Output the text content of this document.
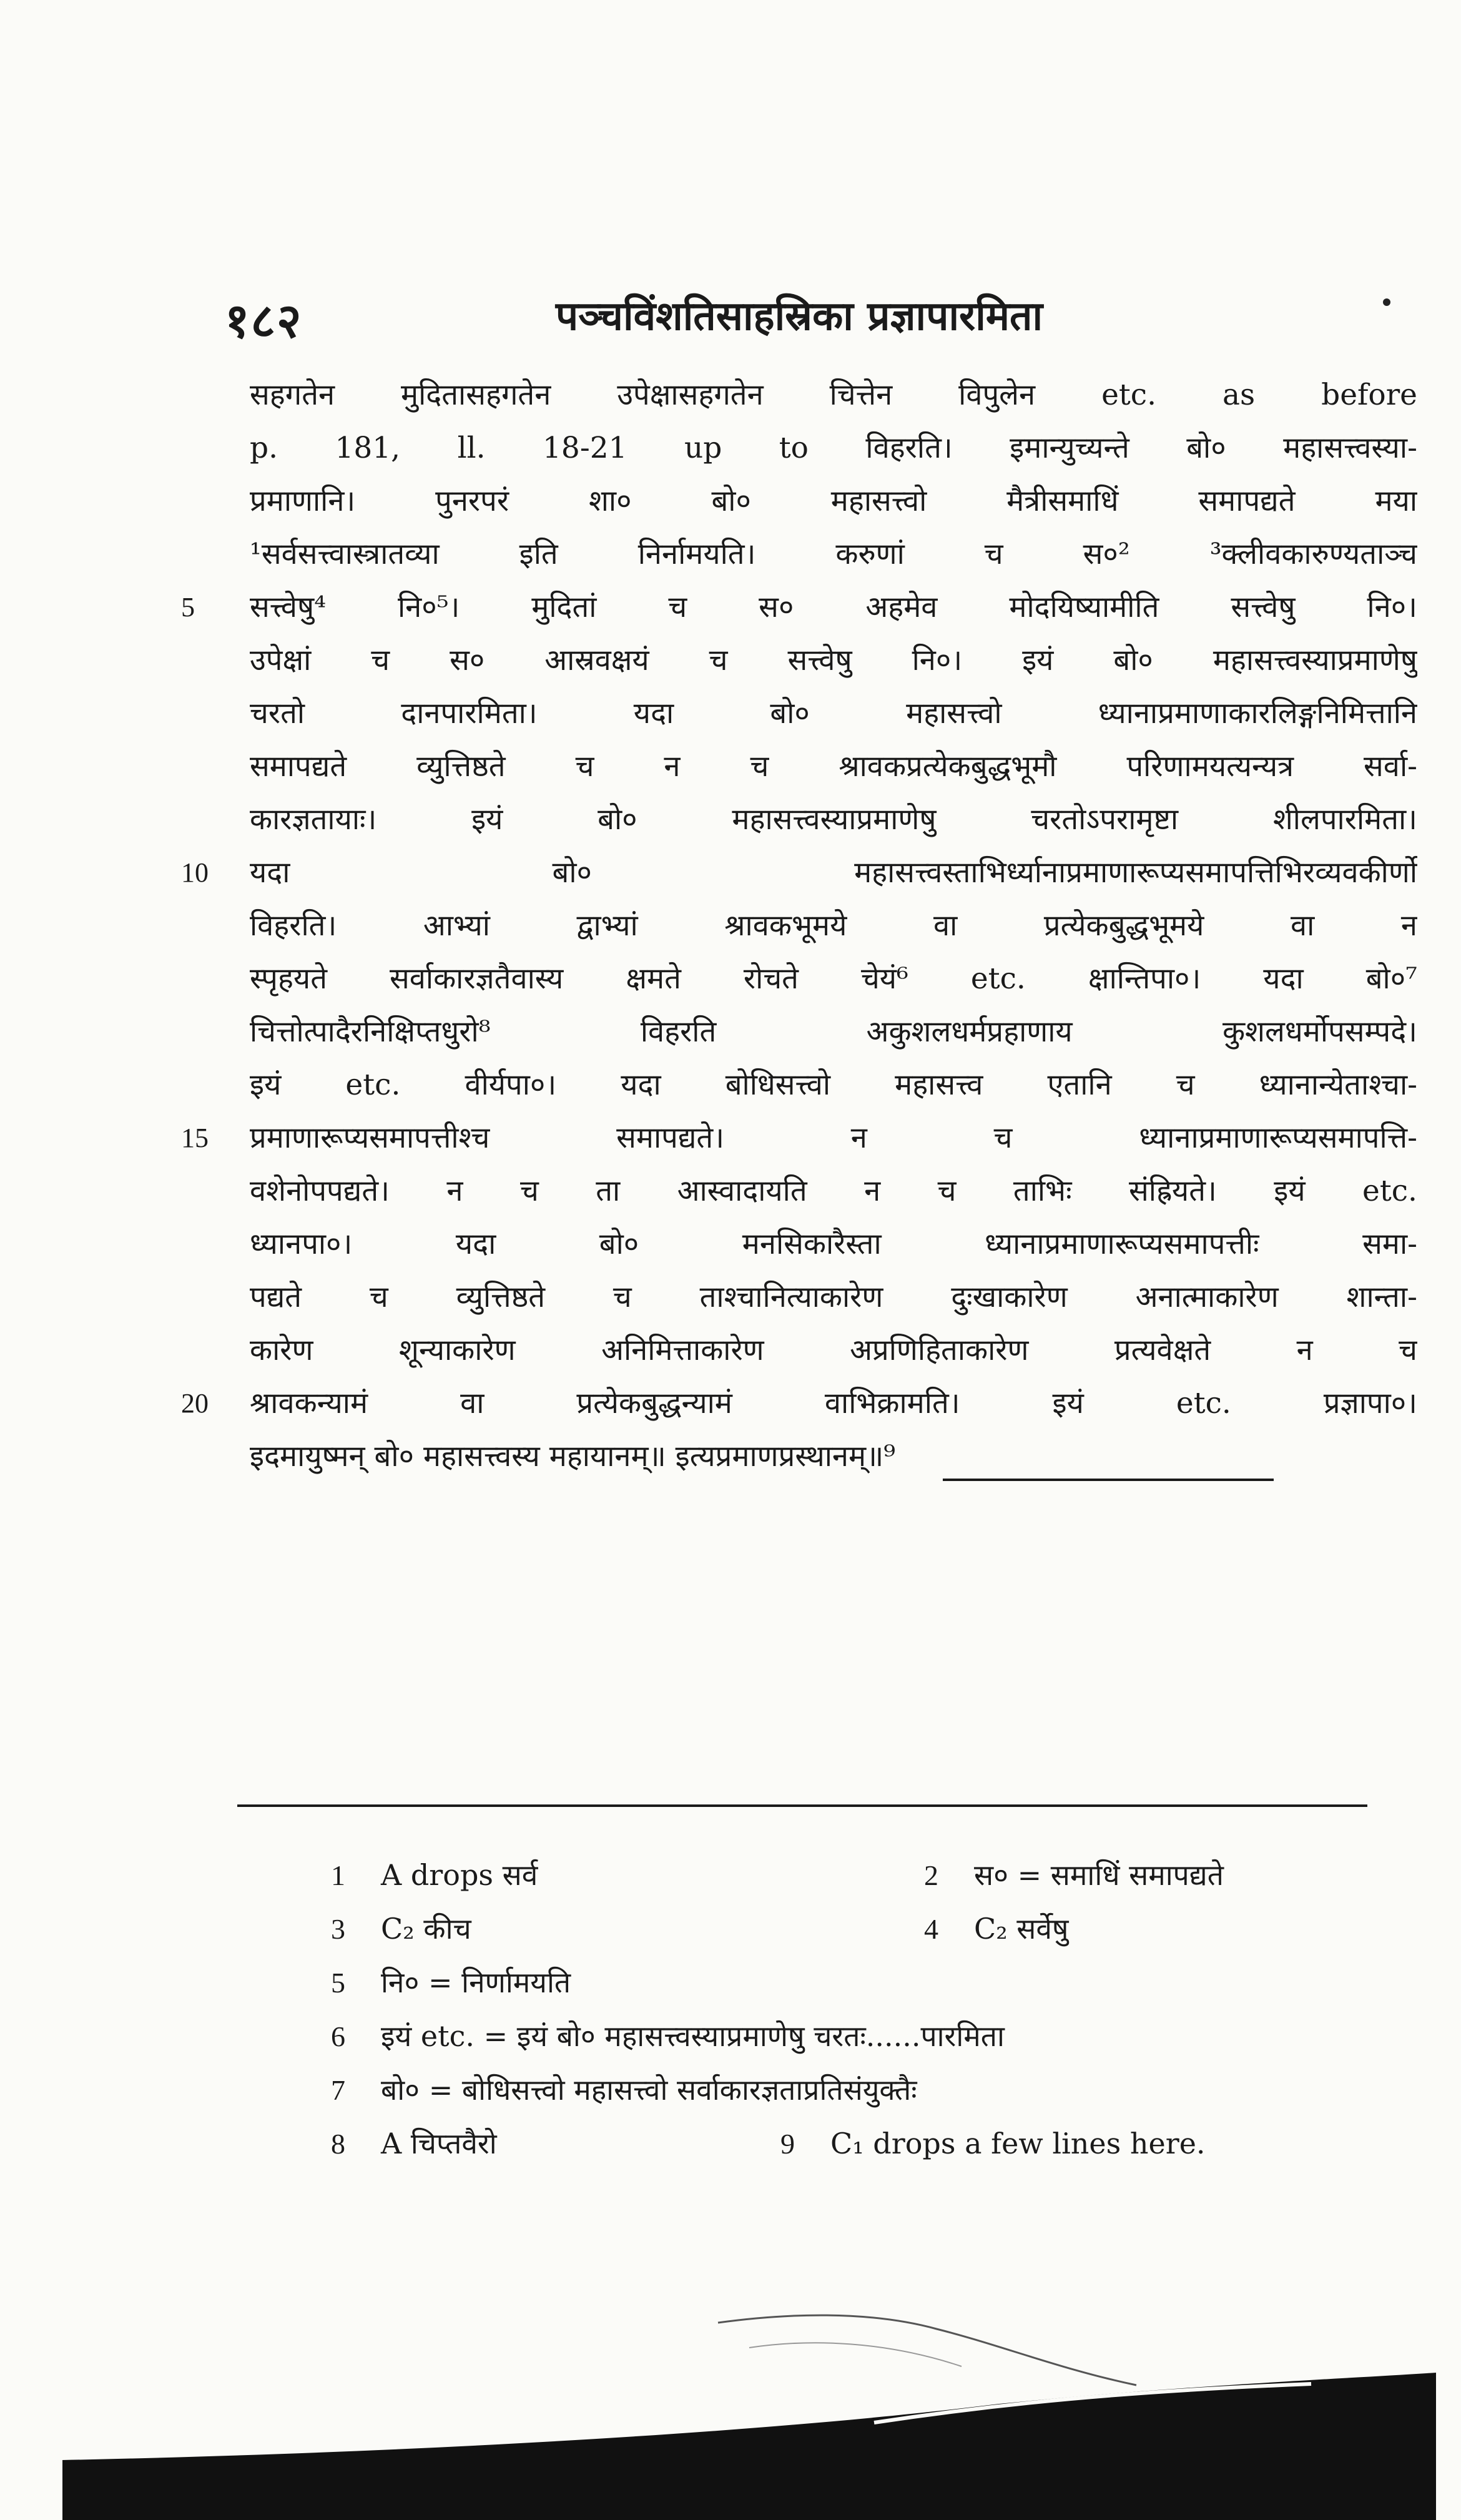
१८२	पञ्चविंशतिसाहस्रिका प्रज्ञापारमिता
सहगतेन मुदितासहगतेन उपेक्षासहगतेन चित्तेन विपुलेन etc. as before
p. 181, ll. 18-21 up to विहरति। इमान्युच्यन्ते बो० महासत्त्वस्या-
प्रमाणानि। पुनरपरं शा० बो० महासत्त्वो मैत्रीसमाधिं समापद्यते मया
¹सर्वसत्त्वास्त्रातव्या इति निर्नामयति। करुणां च स०² ³क्लीवकारुण्यताञ्च
5	सत्त्वेषु⁴ नि०⁵। मुदितां च स० अहमेव मोदयिष्यामीति सत्त्वेषु नि०।
उपेक्षां च स० आस्रवक्षयं च सत्त्वेषु नि०। इयं बो० महासत्त्वस्याप्रमाणेषु
चरतो दानपारमिता। यदा बो० महासत्त्वो ध्यानाप्रमाणाकारलिङ्गनिमित्तानि
समापद्यते व्युत्तिष्ठते च न च श्रावकप्रत्येकबुद्धभूमौ परिणामयत्यन्यत्र सर्वा-
कारज्ञतायाः। इयं बो० महासत्त्वस्याप्रमाणेषु चरतोऽपरामृष्टा शीलपारमिता।
10	यदा बो० महासत्त्वस्ताभिर्ध्यानाप्रमाणारूप्यसमापत्तिभिरव्यवकीर्णो
विहरति। आभ्यां द्वाभ्यां श्रावकभूमये वा प्रत्येकबुद्धभूमये वा न
स्पृहयते सर्वाकारज्ञतैवास्य क्षमते रोचते चेयं⁶ etc. क्षान्तिपा०। यदा बो०⁷
चित्तोत्पादैरनिक्षिप्तधुरो⁸ विहरति अकुशलधर्मप्रहाणाय कुशलधर्मोपसम्पदे।
इयं etc. वीर्यपा०। यदा बोधिसत्त्वो महासत्त्व एतानि च ध्यानान्येताश्चा-
15	प्रमाणारूप्यसमापत्तीश्च समापद्यते। न च ध्यानाप्रमाणारूप्यसमापत्ति-
वशेनोपपद्यते। न च ता आस्वादायति न च ताभिः संह्रियते। इयं etc.
ध्यानपा०। यदा बो० मनसिकारैस्ता ध्यानाप्रमाणारूप्यसमापत्तीः समा-
पद्यते च व्युत्तिष्ठते च ताश्चानित्याकारेण दुःखाकारेण अनात्माकारेण शान्ता-
कारेण शून्याकारेण अनिमित्ताकारेण अप्रणिहिताकारेण प्रत्यवेक्षते न च
20	श्रावकन्यामं वा प्रत्येकबुद्धन्यामं वाभिक्रामति। इयं etc. प्रज्ञापा०।
इदमायुष्मन् बो० महासत्त्वस्य महायानम्॥ इत्यप्रमाणप्रस्थानम्॥⁹
1 A drops सर्व	2 स० = समाधिं समापद्यते
3 C₂ कीच	4 C₂ सर्वेषु
5 नि० = निर्णामयति
6 इयं etc. = इयं बो० महासत्त्वस्याप्रमाणेषु चरतः......पारमिता
7 बो० = बोधिसत्त्वो महासत्त्वो सर्वाकारज्ञताप्रतिसंयुक्तैः
8 A चिप्तवैरो	9 C₁ drops a few lines here.
